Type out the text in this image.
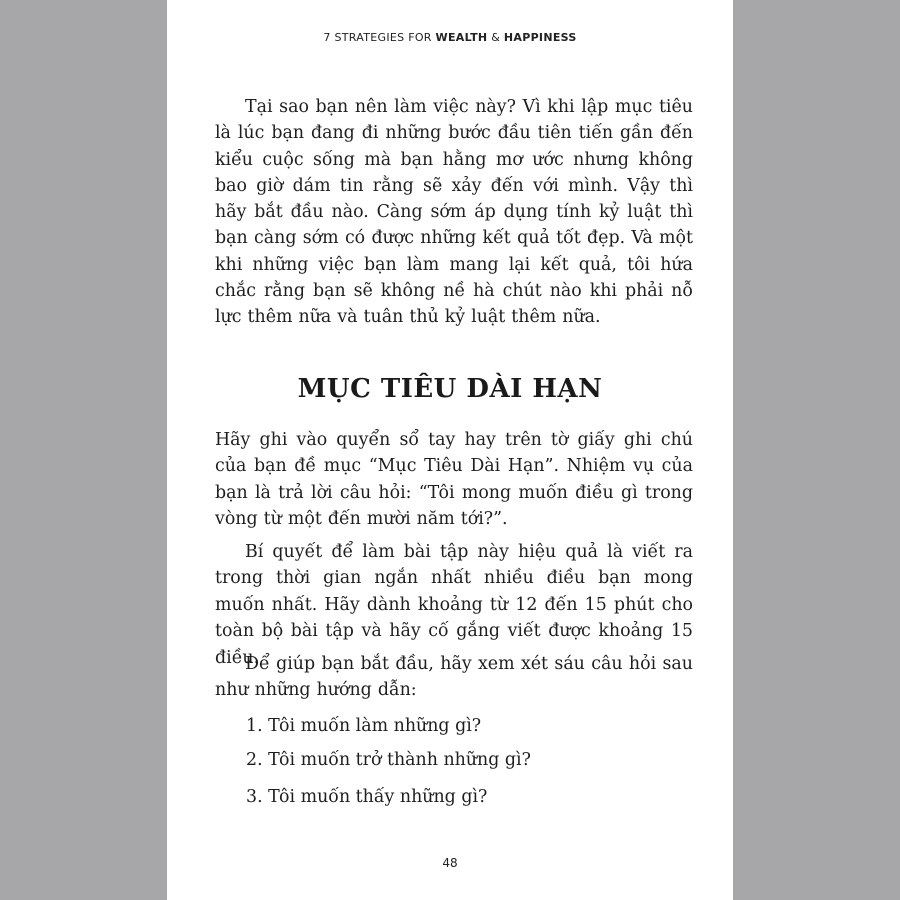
7 STRATEGIES FOR WEALTH & HAPPINESS

Tại sao bạn nên làm việc này? Vì khi lập mục tiêu là lúc bạn đang đi những bước đầu tiên tiến gần đến kiểu cuộc sống mà bạn hằng mơ ước nhưng không bao giờ dám tin rằng sẽ xảy đến với mình. Vậy thì hãy bắt đầu nào. Càng sớm áp dụng tính kỷ luật thì bạn càng sớm có được những kết quả tốt đẹp. Và một khi những việc bạn làm mang lại kết quả, tôi hứa chắc rằng bạn sẽ không nề hà chút nào khi phải nỗ lực thêm nữa và tuân thủ kỷ luật thêm nữa.

MỤC TIÊU DÀI HẠN

Hãy ghi vào quyển sổ tay hay trên tờ giấy ghi chú của bạn đề mục “Mục Tiêu Dài Hạn”. Nhiệm vụ của bạn là trả lời câu hỏi: “Tôi mong muốn điều gì trong vòng từ một đến mười năm tới?”.

Bí quyết để làm bài tập này hiệu quả là viết ra trong thời gian ngắn nhất nhiều điều bạn mong muốn nhất. Hãy dành khoảng từ 12 đến 15 phút cho toàn bộ bài tập và hãy cố gắng viết được khoảng 15 điều.

Để giúp bạn bắt đầu, hãy xem xét sáu câu hỏi sau như những hướng dẫn:

1. Tôi muốn làm những gì?

2. Tôi muốn trở thành những gì?

3. Tôi muốn thấy những gì?

48
